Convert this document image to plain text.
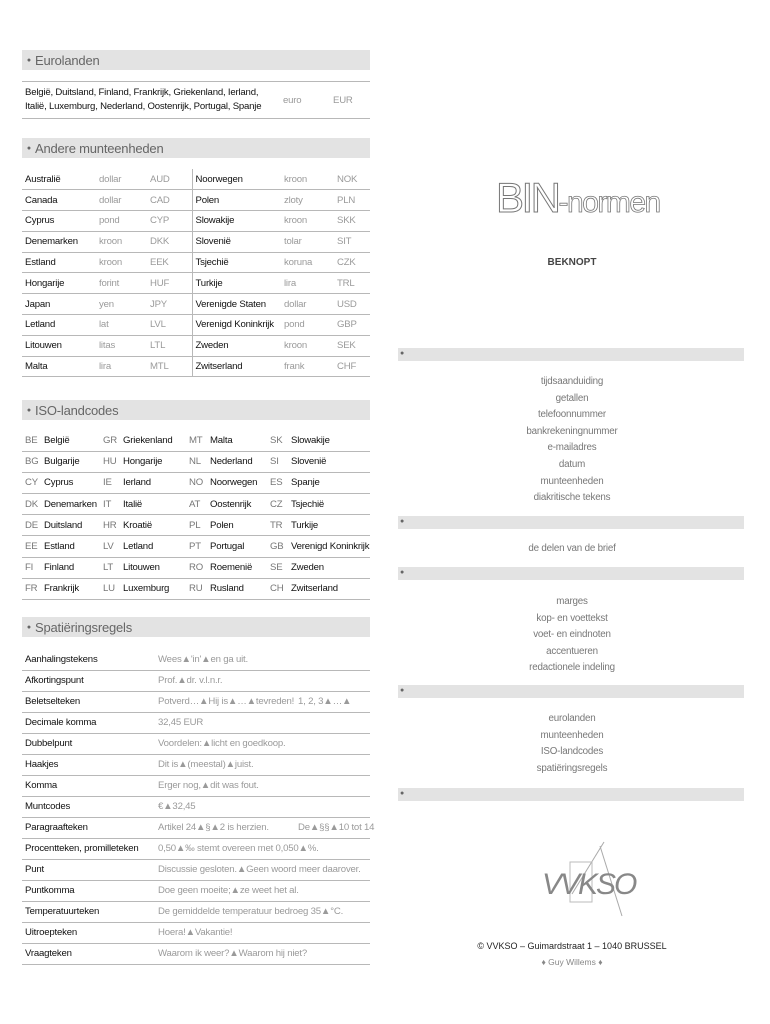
● Eurolanden
België, Duitsland, Finland, Frankrijk, Griekenland, Ierland, Italië, Luxemburg, Nederland, Oostenrijk, Portugal, Spanje	euro	EUR
● Andere munteenheden
Australië	dollar	AUD	Noorwegen	kroon	NOK
Canada	dollar	CAD	Polen	zloty	PLN
Cyprus	pond	CYP	Slowakije	kroon	SKK
Denemarken	kroon	DKK	Slovenië	tolar	SIT
Estland	kroon	EEK	Tsjechië	koruna	CZK
Hongarije	forint	HUF	Turkije	lira	TRL
Japan	yen	JPY	Verenigde Staten	dollar	USD
Letland	lat	LVL	Verenigd Koninkrijk	pond	GBP
Litouwen	litas	LTL	Zweden	kroon	SEK
Malta	lira	MTL	Zwitserland	frank	CHF
● ISO-landcodes
BE	België	GR	Griekenland	MT	Malta	SK	Slowakije
BG	Bulgarije	HU	Hongarije	NL	Nederland	SI	Slovenië
CY	Cyprus	IE	Ierland	NO	Noorwegen	ES	Spanje
DK	Denemarken	IT	Italië	AT	Oostenrijk	CZ	Tsjechië
DE	Duitsland	HR	Kroatië	PL	Polen	TR	Turkije
EE	Estland	LV	Letland	PT	Portugal	GB	Verenigd Koninkrijk
FI	Finland	LT	Litouwen	RO	Roemenië	SE	Zweden
FR	Frankrijk	LU	Luxemburg	RU	Rusland	CH	Zwitserland
● Spatiëringsregels
Aanhalingstekens	Wees▲'in'▲en ga uit.	
Afkortingspunt	Prof.▲dr. v.l.n.r.	
Beletselteken	Potverd…▲Hij is▲…▲tevreden!	1, 2, 3▲…▲
Decimale komma	32,45 EUR	
Dubbelpunt	Voordelen:▲licht en goedkoop.	
Haakjes	Dit is▲(meestal)▲juist.	
Komma	Erger nog,▲dit was fout.	
Muntcodes	€▲32,45	
Paragraafteken	Artikel 24▲§▲2 is herzien.	De▲§§▲10 tot 14
Procentteken, promilleteken	0,50▲‰ stemt overeen met 0,050▲%.	
Punt	Discussie gesloten.▲Geen woord meer daarover.	
Puntkomma	Doe geen moeite;▲ze weet het al.	
Temperatuurteken	De gemiddelde temperatuur bedroeg 35▲°C.	
Uitroepteken	Hoera!▲Vakantie!	
Vraagteken	Waarom ik weer?▲Waarom hij niet?	
BIN-normen
BEKNOPT
●
tijdsaanduiding
getallen
telefoonnummer
bankrekeningnummer
e-mailadres
datum
munteenheden
diakritische tekens
●
de delen van de brief
●
marges
kop- en voettekst
voet- en eindnoten
accentueren
redactionele indeling
●
eurolanden
munteenheden
ISO-landcodes
spatiëringsregels
●
VVKSO
© VVKSO – Guimardstraat 1 – 1040 BRUSSEL
♦ Guy Willems ♦
